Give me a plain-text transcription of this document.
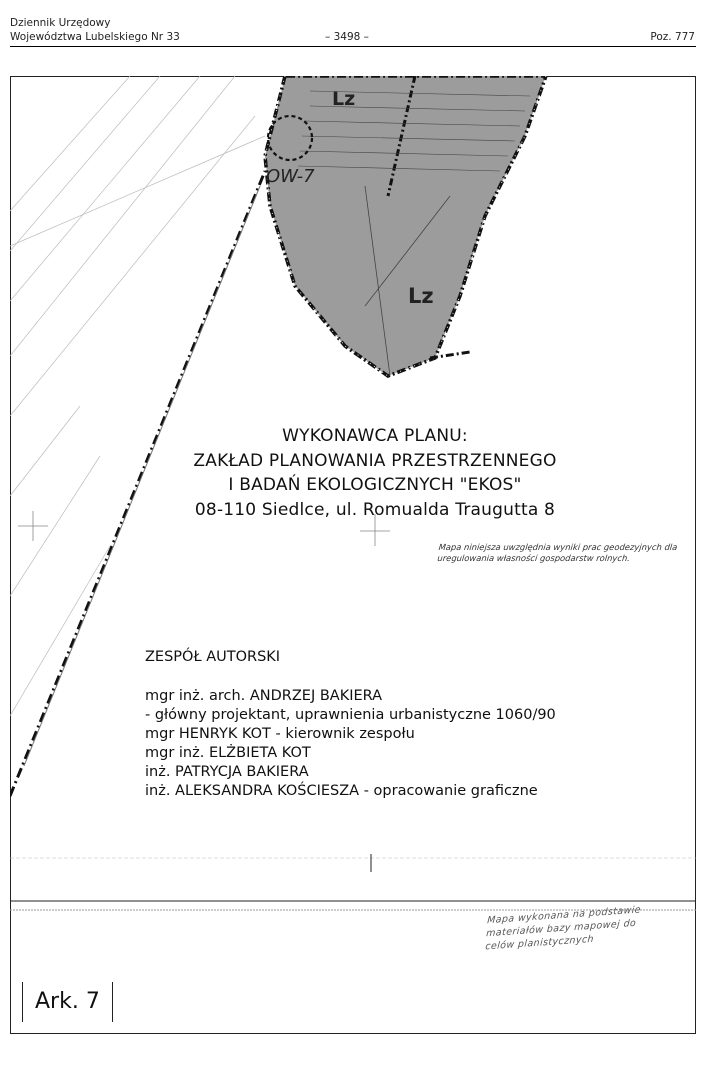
Dziennik Urzędowy
Województwa Lubelskiego Nr 33	– 3498 –	Poz. 777
Lz
Lz
OW-7
WYKONAWCA PLANU:
ZAKŁAD PLANOWANIA PRZESTRZENNEGO
I BADAŃ EKOLOGICZNYCH "EKOS"
08-110 Siedlce, ul. Romualda Traugutta 8
Mapa niniejsza uwzględnia wyniki prac geodezyjnych dla uregulowania własności gospodarstw rolnych.
ZESPÓŁ AUTORSKI
mgr inż. arch. ANDRZEJ BAKIERA
- główny projektant, uprawnienia urbanistyczne 1060/90
mgr HENRYK KOT - kierownik zespołu
mgr inż. ELŻBIETA KOT
inż. PATRYCJA BAKIERA
inż. ALEKSANDRA KOŚCIESZA - opracowanie graficzne
Mapa wykonana na podstawie materiałów bazy mapowej do celów planistycznych
Ark. 7
